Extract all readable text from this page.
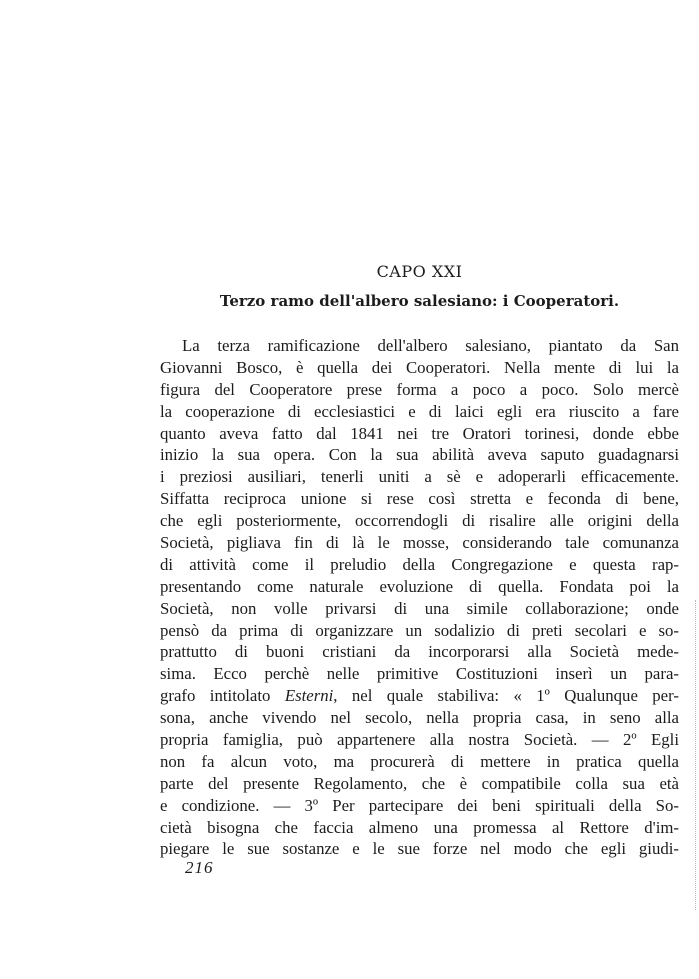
CAPO XXI
Terzo ramo dell'albero salesiano: i Cooperatori.
La terza ramificazione dell'albero salesiano, piantato da San
Giovanni Bosco, è quella dei Cooperatori. Nella mente di lui la
figura del Cooperatore prese forma a poco a poco. Solo mercè
la cooperazione di ecclesiastici e di laici egli era riuscito a fare
quanto aveva fatto dal 1841 nei tre Oratori torinesi, donde ebbe
inizio la sua opera. Con la sua abilità aveva saputo guadagnarsi
i preziosi ausiliari, tenerli uniti a sè e adoperarli efficacemente.
Siffatta reciproca unione si rese così stretta e feconda di bene,
che egli posteriormente, occorrendogli di risalire alle origini della
Società, pigliava fin di là le mosse, considerando tale comunanza
di attività come il preludio della Congregazione e questa rap-
presentando come naturale evoluzione di quella. Fondata poi la
Società, non volle privarsi di una simile collaborazione; onde
pensò da prima di organizzare un sodalizio di preti secolari e so-
prattutto di buoni cristiani da incorporarsi alla Società mede-
sima. Ecco perchè nelle primitive Costituzioni inserì un para-
grafo intitolato Esterni, nel quale stabiliva: « 1º Qualunque per-
sona, anche vivendo nel secolo, nella propria casa, in seno alla
propria famiglia, può appartenere alla nostra Società. — 2º Egli
non fa alcun voto, ma procurerà di mettere in pratica quella
parte del presente Regolamento, che è compatibile colla sua età
e condizione. — 3º Per partecipare dei beni spirituali della So-
cietà bisogna che faccia almeno una promessa al Rettore d'im-
piegare le sue sostanze e le sue forze nel modo che egli giudi-
216
